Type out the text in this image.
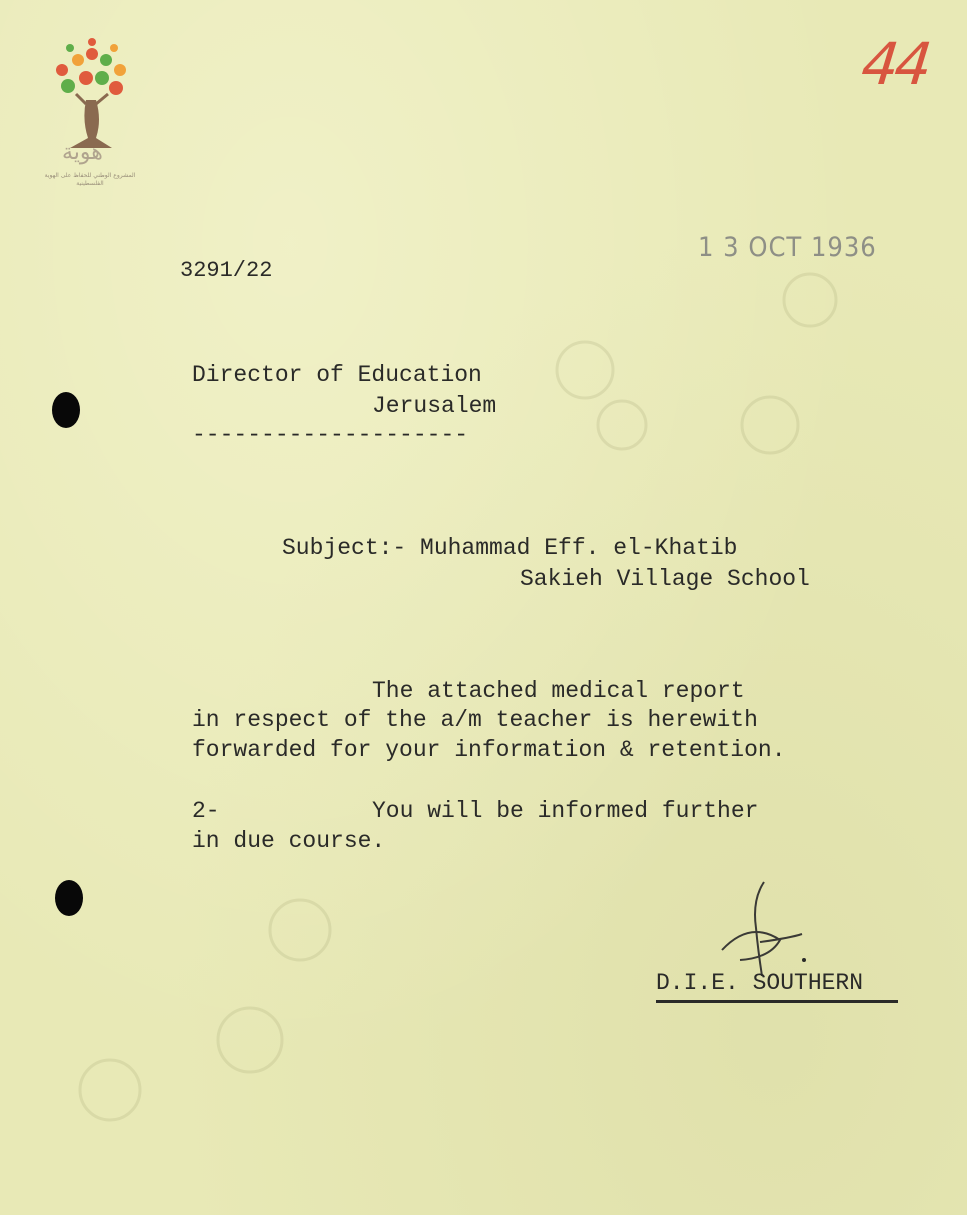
هوية
المشروع الوطني للحفاظ على الهوية الفلسطينية
44
1 3 OCT 1936
3291/22
Director of Education
Jerusalem
--------------------
Subject:- Muhammad Eff. el-Khatib
Sakieh Village School
The attached medical report
in respect of the a/m teacher is herewith
forwarded for your information & retention.
2-	You will be informed further
in due course.
D.I.E. SOUTHERN
